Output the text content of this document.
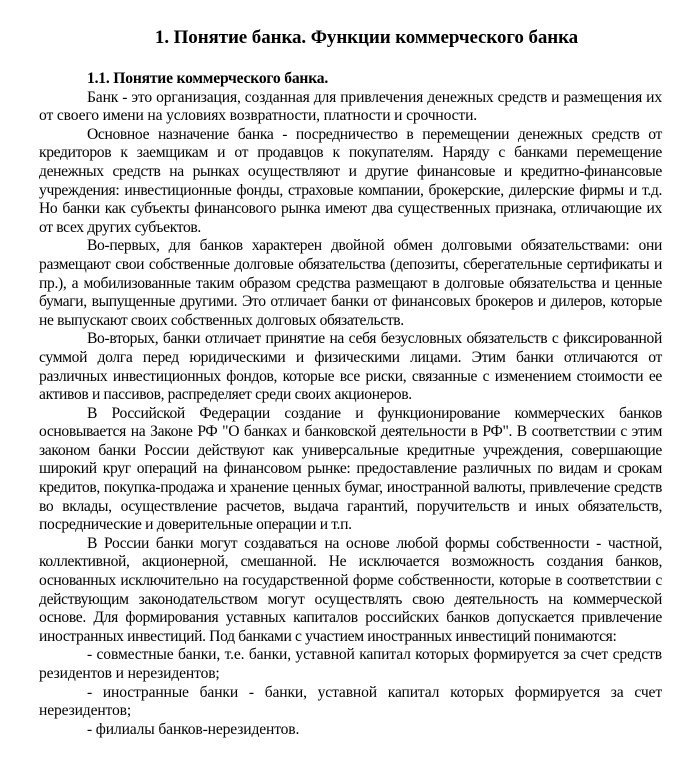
1. Понятие банка. Функции коммерческого банка
1.1. Понятие коммерческого банка.

Банк - это организация, созданная для привлечения денежных средств и размещения их от своего имени на условиях возвратности, платности и срочности.

Основное назначение банка - посредничество в перемещении денежных средств от кредиторов к заемщикам и от продавцов к покупателям. Наряду с банками перемещение денежных средств на рынках осуществляют и другие финансовые и кредитно-финансовые учреждения: инвестиционные фонды, страховые компании, брокерские, дилерские фирмы и т.д. Но банки как субъекты финансового рынка имеют два существенных признака, отличающие их от всех других субъектов.

Во-первых, для банков характерен двойной обмен долговыми обязательствами: они размещают свои собственные долговые обязательства (депозиты, сберегательные сертификаты и пр.), а мобилизованные таким образом средства размещают в долговые обязательства и ценные бумаги, выпущенные другими. Это отличает банки от финансовых брокеров и дилеров, которые не выпускают своих собственных долговых обязательств.

Во-вторых, банки отличает принятие на себя безусловных обязательств с фиксированной суммой долга перед юридическими и физическими лицами. Этим банки отличаются от различных инвестиционных фондов, которые все риски, связанные с изменением стоимости ее активов и пассивов, распределяет среди своих акционеров.

В Российской Федерации создание и функционирование коммерческих банков основывается на Законе РФ "О банках и банковской деятельности в РФ". В соответствии с этим законом банки России действуют как универсальные кредитные учреждения, совершающие широкий круг операций на финансовом рынке: предоставление различных по видам и срокам кредитов, покупка-продажа и хранение ценных бумаг, иностранной валюты, привлечение средств во вклады, осуществление расчетов, выдача гарантий, поручительств и иных обязательств, посреднические и доверительные операции и т.п.

В России банки могут создаваться на основе любой формы собственности - частной, коллективной, акционерной, смешанной. Не исключается возможность создания банков, основанных исключительно на государственной форме собственности, которые в соответствии с действующим законодательством могут осуществлять свою деятельность на коммерческой основе. Для формирования уставных капиталов российских банков допускается привлечение иностранных инвестиций. Под банками с участием иностранных инвестиций понимаются:

- совместные банки, т.е. банки, уставной капитал которых формируется за счет средств резидентов и нерезидентов;

- иностранные банки - банки, уставной капитал которых формируется за счет нерезидентов;

- филиалы банков-нерезидентов.
